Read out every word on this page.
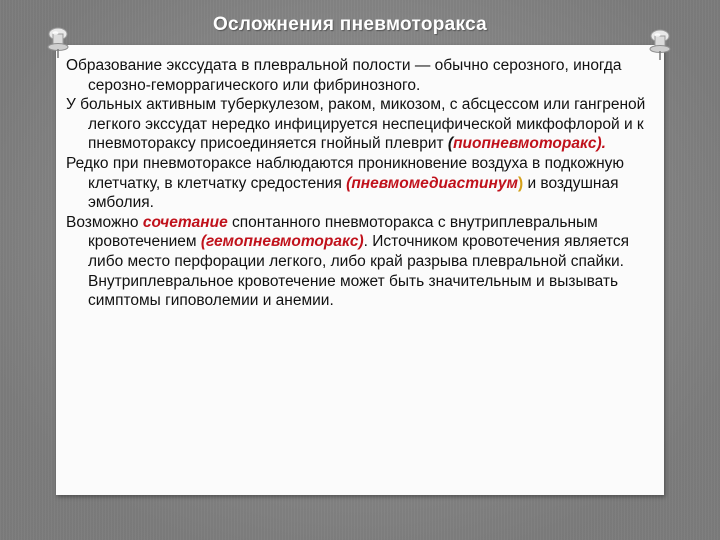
Осложнения пневмоторакса

Образование экссудата в плевральной полости — обычно серозного, иногда серозно-геморрагического или фибринозного.

У больных активным туберкулезом, раком, микозом, с абсцессом или гангреной легкого экссудат нередко инфицируется неспецифической микфофлорой и к пневмотораксу присоединяется гнойный плеврит (пиопневмоторакс).

Редко при пневмотораксе наблюдаются проникновение воздуха в подкожную клетчатку, в клетчатку средостения (пневмомедиастинум) и воздушная эмболия.

Возможно сочетание спонтанного пневмоторакса с внутриплевральным кровотечением (гемопневмоторакс). Источником кровотечения является либо место перфорации легкого, либо край разрыва плевральной спайки. Внутриплевральное кровотечение может быть значительным и вызывать симптомы гиповолемии и анемии.
